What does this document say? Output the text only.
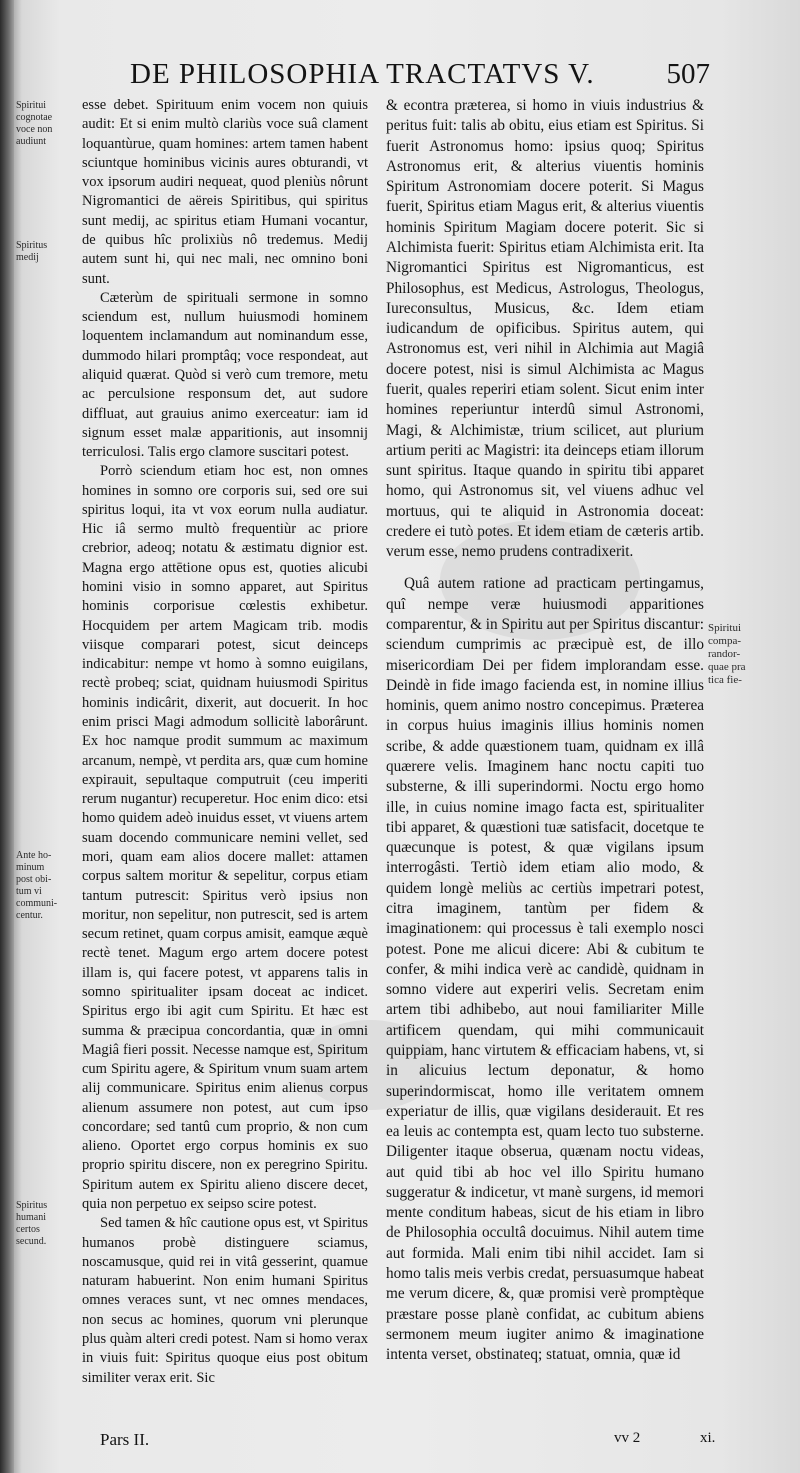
DE PHILOSOPHIA TRACTATVS V. 507
Spiritui
cognotae
voce non
audiunt
Spiritus
medij
Ante ho-
minum
post obi-
tum vi
communi-
centur.
Spiritus
humani
certos
secund.
Spiritui
compa-
randor-
quae pra
tica fie-

esse debet. Spirituum enim vocem non quiuis audit: Et si enim multò clariùs voce suâ clament loquantùrue, quam homines: artem tamen habent sciuntque hominibus vicinis aures obturandi, vt vox ipsorum audiri nequeat, quod pleniùs nôrunt Nigromantici de aëreis Spiritibus, qui spiritus sunt medij, ac spiritus etiam Humani vocantur, de quibus hîc prolixiùs nô tredemus. Medij autem sunt hi, qui nec mali, nec omnino boni sunt.

Cæterùm de spirituali sermone in somno sciendum est, nullum huiusmodi hominem loquentem inclamandum aut nominandum esse, dummodo hilari promptâq; voce respondeat, aut aliquid quærat. Quòd si verò cum tremore, metu ac perculsione responsum det, aut sudore diffluat, aut grauius animo exerceatur: iam id signum esset malæ apparitionis, aut insomnij terriculosi. Talis ergo clamore suscitari potest.

Porrò sciendum etiam hoc est, non omnes homines in somno ore corporis sui, sed ore sui spiritus loqui, ita vt vox eorum nulla audiatur. Hic iâ sermo multò frequentiùr ac priore crebrior, adeoq; notatu & æstimatu dignior est. Magna ergo attētione opus est, quoties alicubi homini visio in somno apparet, aut Spiritus hominis corporisue cœlestis exhibetur. Hocquidem per artem Magicam trib. modis viisque comparari potest, sicut deinceps indicabitur: nempe vt homo à somno euigilans, rectè probeq; sciat, quidnam huiusmodi Spiritus hominis indicârit, dixerit, aut docuerit. In hoc enim prisci Magi admodum sollicitè laborârunt. Ex hoc namque prodit summum ac maximum arcanum, nempè, vt perdita ars, quæ cum homine expirauit, sepultaque computruit (ceu imperiti rerum nugantur) recuperetur. Hoc enim dico: etsi homo quidem adeò inuidus esset, vt viuens artem suam docendo communicare nemini vellet, sed mori, quam eam alios docere mallet: attamen corpus saltem moritur & sepelitur, corpus etiam tantum putrescit: Spiritus verò ipsius non moritur, non sepelitur, non putrescit, sed is artem secum retinet, quam corpus amisit, eamque æquè rectè tenet. Magum ergo artem docere potest illam is, qui facere potest, vt apparens talis in somno spiritualiter ipsam doceat ac indicet. Spiritus ergo ibi agit cum Spiritu. Et hæc est summa & præcipua concordantia, quæ in omni Magiâ fieri possit. Necesse namque est, Spiritum cum Spiritu agere, & Spiritum vnum suam artem alij communicare. Spiritus enim alienus corpus alienum assumere non potest, aut cum ipso concordare; sed tantû cum proprio, & non cum alieno. Oportet ergo corpus hominis ex suo proprio spiritu discere, non ex peregrino Spiritu. Spiritum autem ex Spiritu alieno discere decet, quia non perpetuo ex seipso scire potest.

Sed tamen & hîc cautione opus est, vt Spiritus humanos probè distinguere sciamus, noscamusque, quid rei in vitâ gesserint, quamue naturam habuerint. Non enim humani Spiritus omnes veraces sunt, vt nec omnes mendaces, non secus ac homines, quorum vni plerunque plus quàm alteri credi potest. Nam si homo verax in viuis fuit: Spiritus quoque eius post obitum similiter verax erit. Sic

& econtra præterea, si homo in viuis industrius & peritus fuit: talis ab obitu, eius etiam est Spiritus. Si fuerit Astronomus homo: ipsius quoq; Spiritus Astronomus erit, & alterius viuentis hominis Spiritum Astronomiam docere poterit. Si Magus fuerit, Spiritus etiam Magus erit, & alterius viuentis hominis Spiritum Magiam docere poterit. Sic si Alchimista fuerit: Spiritus etiam Alchimista erit. Ita Nigromantici Spiritus est Nigromanticus, est Philosophus, est Medicus, Astrologus, Theologus, Iureconsultus, Musicus, &c. Idem etiam iudicandum de opificibus. Spiritus autem, qui Astronomus est, veri nihil in Alchimia aut Magiâ docere potest, nisi is simul Alchimista ac Magus fuerit, quales reperiri etiam solent. Sicut enim inter homines reperiuntur interdû simul Astronomi, Magi, & Alchimistæ, trium scilicet, aut plurium artium periti ac Magistri: ita deinceps etiam illorum sunt spiritus. Itaque quando in spiritu tibi apparet homo, qui Astronomus sit, vel viuens adhuc vel mortuus, qui te aliquid in Astronomia doceat: credere ei tutò potes. Et idem etiam de cæteris artib. verum esse, nemo prudens contradixerit.

Quâ autem ratione ad practicam pertingamus, quî nempe veræ huiusmodi apparitiones comparentur, & in Spiritu aut per Spiritus discantur: sciendum cumprimis ac præcipuè est, de illo misericordiam Dei per fidem implorandam esse. Deindè in fide imago facienda est, in nomine illius hominis, quem animo nostro concepimus. Præterea in corpus huius imaginis illius hominis nomen scribe, & adde quæstionem tuam, quidnam ex illâ quærere velis. Imaginem hanc noctu capiti tuo substerne, & illi superindormi. Noctu ergo homo ille, in cuius nomine imago facta est, spiritualiter tibi apparet, & quæstioni tuæ satisfacit, docetque te quæcunque is potest, & quæ vigilans ipsum interrogâsti. Tertiò idem etiam alio modo, & quidem longè meliùs ac certiùs impetrari potest, citra imaginem, tantùm per fidem & imaginationem: qui processus è tali exemplo nosci potest. Pone me alicui dicere: Abi & cubitum te confer, & mihi indica verè ac candidè, quidnam in somno videre aut experiri velis. Secretam enim artem tibi adhibebo, aut noui familiariter Mille artificem quendam, qui mihi communicauit quippiam, hanc virtutem & efficaciam habens, vt, si in alicuius lectum deponatur, & homo superindormiscat, homo ille veritatem omnem experiatur de illis, quæ vigilans desiderauit. Et res ea leuis ac contempta est, quam lecto tuo substerne. Diligenter itaque obserua, quænam noctu videas, aut quid tibi ab hoc vel illo Spiritu humano suggeratur & indicetur, vt manè surgens, id memori mente conditum habeas, sicut de his etiam in libro de Philosophia occultâ docuimus. Nihil autem time aut formida. Mali enim tibi nihil accidet. Iam si homo talis meis verbis credat, persuasumque habeat me verum dicere, &, quæ promisi verè promptèque præstare posse planè confidat, ac cubitum abiens sermonem meum iugiter animo & imaginatione intenta verset, obstinateq; statuat, omnia, quæ id

Pars II.	vv 2	xi.
